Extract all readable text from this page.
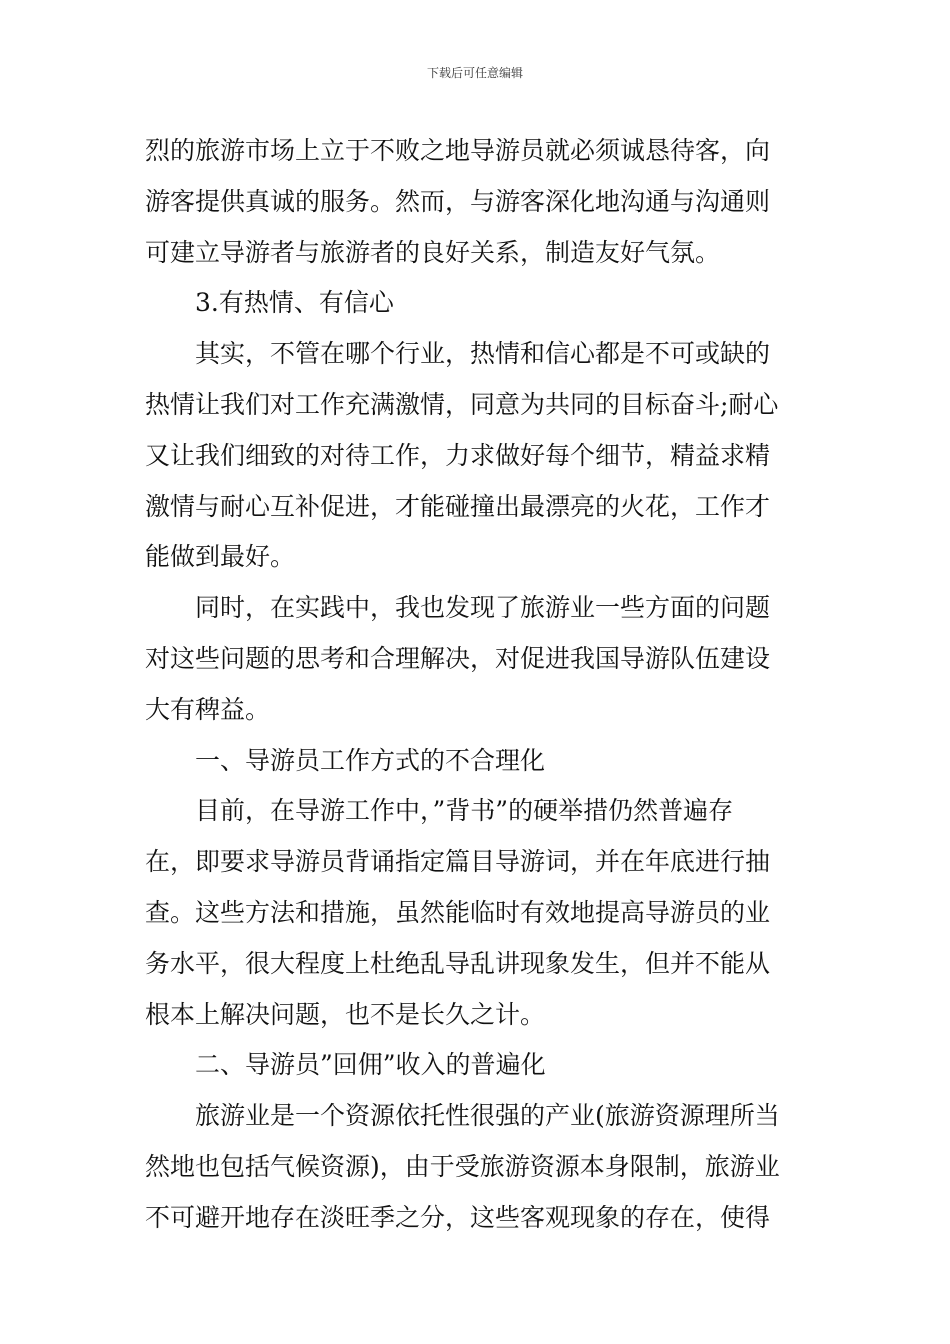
下载后可任意编辑
烈的旅游市场上立于不败之地导游员就必须诚恳待客，向
游客提供真诚的服务。然而，与游客深化地沟通与沟通则
可建立导游者与旅游者的良好关系，制造友好气氛。
3.有热情、有信心
其实，不管在哪个行业，热情和信心都是不可或缺的
热情让我们对工作充满激情，同意为共同的目标奋斗;耐心
又让我们细致的对待工作，力求做好每个细节，精益求精
激情与耐心互补促进，才能碰撞出最漂亮的火花，工作才
能做到最好。
同时，在实践中，我也发现了旅游业一些方面的问题
对这些问题的思考和合理解决，对促进我国导游队伍建设
大有稗益。
一、导游员工作方式的不合理化
目前，在导游工作中，”背书”的硬举措仍然普遍存
在，即要求导游员背诵指定篇目导游词，并在年底进行抽
查。这些方法和措施，虽然能临时有效地提高导游员的业
务水平，很大程度上杜绝乱导乱讲现象发生，但并不能从
根本上解决问题，也不是长久之计。
二、导游员”回佣”收入的普遍化
旅游业是一个资源依托性很强的产业(旅游资源理所当
然地也包括气候资源)，由于受旅游资源本身限制，旅游业
不可避开地存在淡旺季之分，这些客观现象的存在，使得
